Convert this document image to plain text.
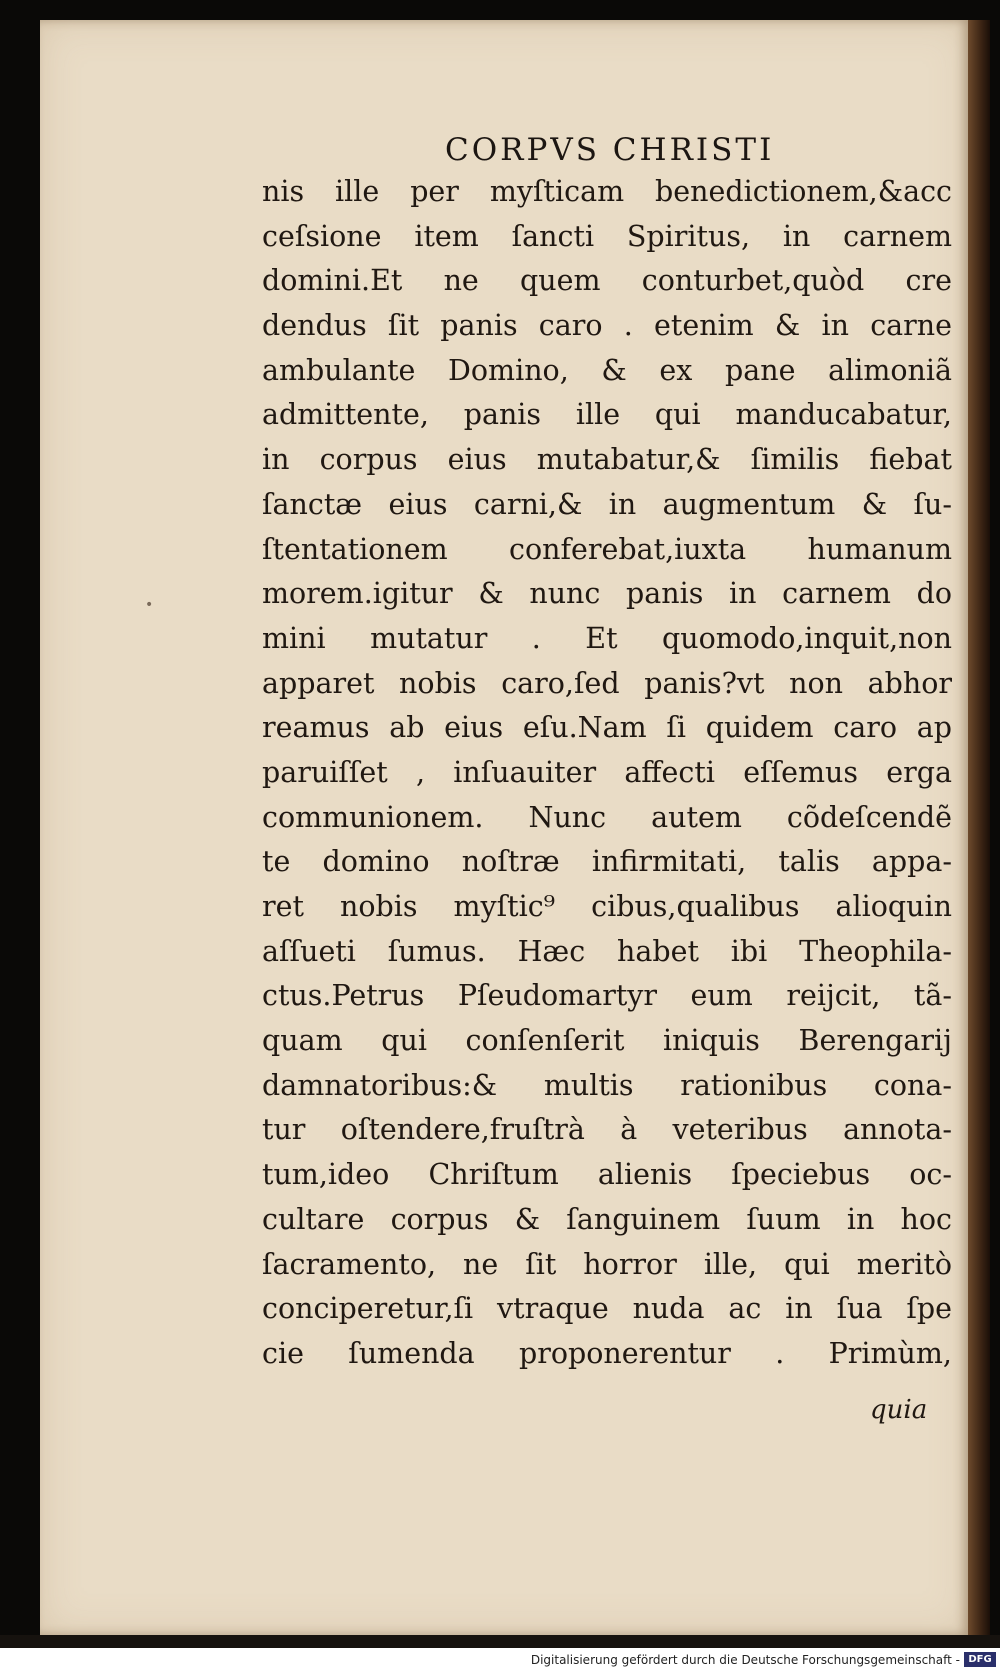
CORPVS CHRISTI
nis ille per myſticam benedictionem,&acc
ceſsione item ſancti Spiritus, in carnem
domini.Et ne quem conturbet,quòd cre
dendus ſit panis caro . etenim & in carne
ambulante Domino, & ex pane alimoniã
admittente, panis ille qui manducabatur,
in corpus eius mutabatur,& ſimilis fiebat
ſanctæ eius carni,& in augmentum & ſu-
ſtentationem conferebat,iuxta humanum
morem.igitur & nunc panis in carnem do
mini mutatur . Et quomodo,inquit,non
apparet nobis caro,ſed panis?vt non abhor
reamus ab eius eſu.Nam ſi quidem caro ap
paruiſſet , inſuauiter affecti eſſemus erga
communionem. Nunc autem cõdeſcendẽ
te domino noſtræ infirmitati, talis appa-
ret nobis myſtic⁹ cibus,qualibus alioquin
aſſueti ſumus. Hæc habet ibi Theophila-
ctus.Petrus Pſeudomartyr eum reijcit, tã-
quam qui conſenſerit iniquis Berengarij
damnatoribus:& multis rationibus cona-
tur oſtendere,fruſtrà à veteribus annota-
tum,ideo Chriſtum alienis ſpeciebus oc-
cultare corpus & ſanguinem ſuum in hoc
ſacramento, ne ſit horror ille, qui meritò
conciperetur,ſi vtraque nuda ac in ſua ſpe
cie ſumenda proponerentur . Primùm,
quia
•
Digitalisierung gefördert durch die Deutsche Forschungsgemeinschaft - DFG
